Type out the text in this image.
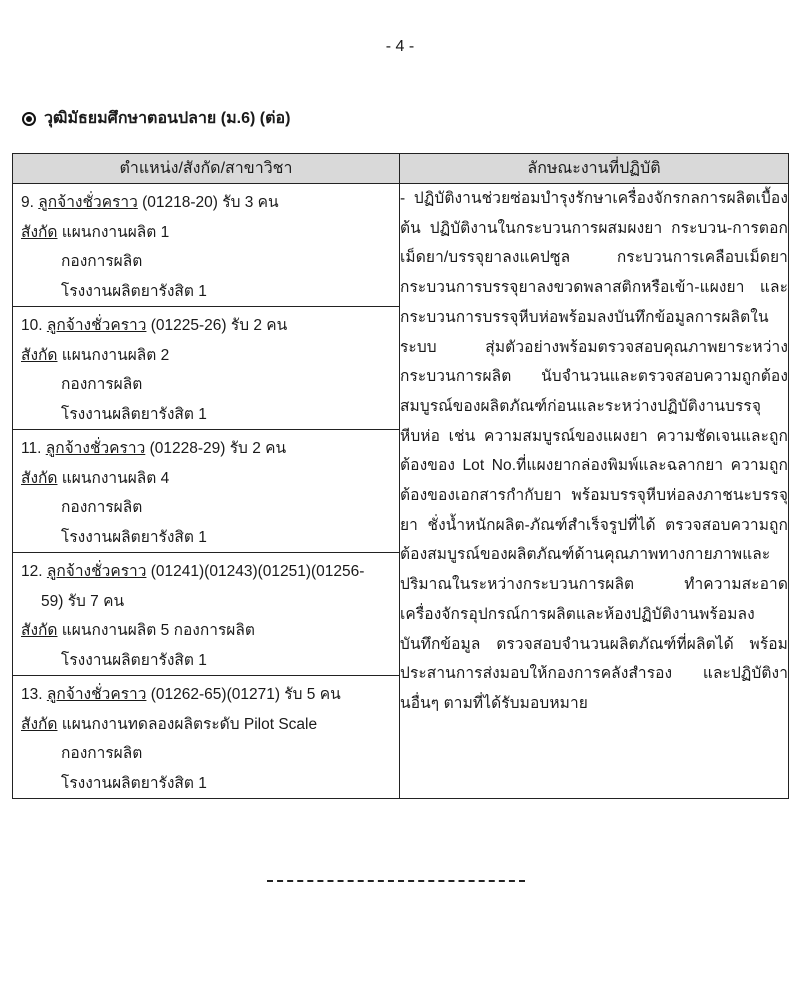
- 4 -
วุฒิมัธยมศึกษาตอนปลาย (ม.6) (ต่อ)
ตำแหน่ง/สังกัด/สาขาวิชา	ลักษณะงานที่ปฏิบัติ

9. ลูกจ้างชั่วคราว (01218-20) รับ 3 คน
สังกัด แผนกงานผลิต 1
กองการผลิต
โรงงานผลิตยารังสิต 1
	- ปฏิบัติงานช่วยซ่อมบำรุงรักษาเครื่องจักรกลการผลิตเบื้องต้น ปฏิบัติงานในกระบวนการผสมผงยา กระบวน-การตอกเม็ดยา/บรรจุยาลงแคปซูล กระบวนการเคลือบเม็ดยา กระบวนการบรรจุยาลงขวดพลาสติกหรือเข้า-แผงยา และกระบวนการบรรจุหีบห่อพร้อมลงบันทึกข้อมูลการผลิตในระบบ สุ่มตัวอย่างพร้อมตรวจสอบคุณภาพยาระหว่างกระบวนการผลิต นับจำนวนและตรวจสอบความถูกต้องสมบูรณ์ของผลิตภัณฑ์ก่อนและระหว่างปฏิบัติงานบรรจุหีบห่อ เช่น ความสมบูรณ์ของแผงยา ความชัดเจนและถูกต้องของ Lot No.ที่แผงยากล่องพิมพ์และฉลากยา ความถูกต้องของเอกสารกำกับยา พร้อมบรรจุหีบห่อลงภาชนะบรรจุยา ชั่งน้ำหนักผลิต-ภัณฑ์สำเร็จรูปที่ได้ ตรวจสอบความถูกต้องสมบูรณ์ของผลิตภัณฑ์ด้านคุณภาพทางกายภาพและปริมาณในระหว่างกระบวนการผลิต ทำความสะอาดเครื่องจักรอุปกรณ์การผลิตและห้องปฏิบัติงานพร้อมลงบันทึกข้อมูล ตรวจสอบจำนวนผลิตภัณฑ์ที่ผลิตได้ พร้อมประสานการส่งมอบให้กองการคลังสำรอง และปฏิบัติงานอื่นๆ ตามที่ได้รับมอบหมาย

10. ลูกจ้างชั่วคราว (01225-26) รับ 2 คน
สังกัด แผนกงานผลิต 2
กองการผลิต
โรงงานผลิตยารังสิต 1	

11. ลูกจ้างชั่วคราว (01228-29) รับ 2 คน
สังกัด แผนกงานผลิต 4
กองการผลิต
โรงงานผลิตยารังสิต 1	

12. ลูกจ้างชั่วคราว (01241)(01243)(01251)(01256-
59) รับ 7 คน
สังกัด แผนกงานผลิต 5 กองการผลิต
โรงงานผลิตยารังสิต 1	

13. ลูกจ้างชั่วคราว (01262-65)(01271) รับ 5 คน
สังกัด แผนกงานทดลองผลิตระดับ Pilot Scale
กองการผลิต
โรงงานผลิตยารังสิต 1	
